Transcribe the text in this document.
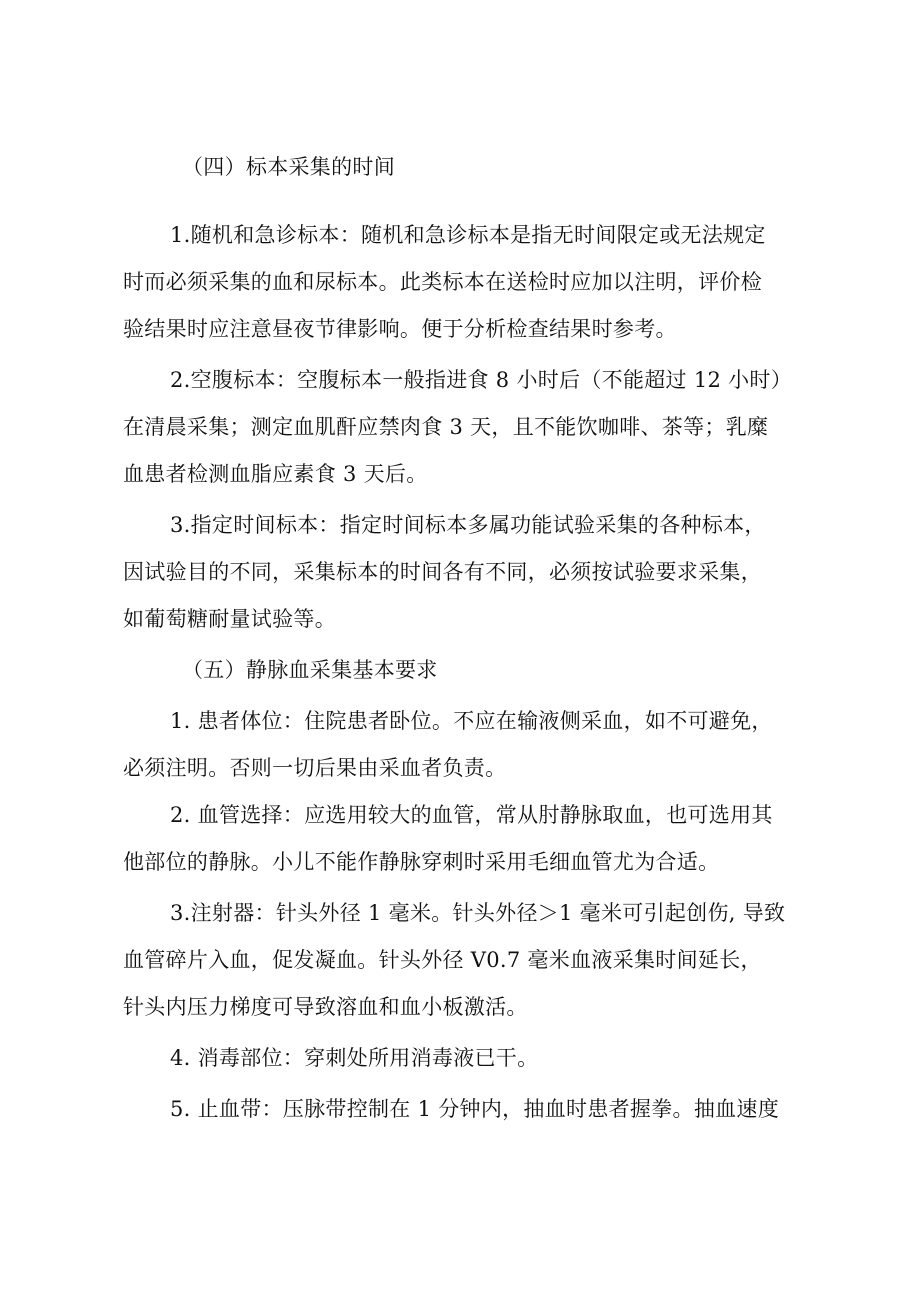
（四）标本采集的时间
1.随机和急诊标本：随机和急诊标本是指无时间限定或无法规定
时而必须采集的血和尿标本。此类标本在送检时应加以注明，评价检
验结果时应注意昼夜节律影响。便于分析检查结果时参考。
2.空腹标本：空腹标本一般指进食 8 小时后（不能超过 12 小时）
在清晨采集；测定血肌酐应禁肉食 3 天，且不能饮咖啡、茶等；乳糜
血患者检测血脂应素食 3 天后。
3.指定时间标本：指定时间标本多属功能试验采集的各种标本，
因试验目的不同，采集标本的时间各有不同，必须按试验要求采集，
如葡萄糖耐量试验等。
（五）静脉血采集基本要求
1. 患者体位：住院患者卧位。不应在输液侧采血，如不可避免，
必须注明。否则一切后果由采血者负责。
2. 血管选择：应选用较大的血管，常从肘静脉取血，也可选用其
他部位的静脉。小儿不能作静脉穿刺时采用毛细血管尤为合适。
3.注射器：针头外径 1 毫米。针头外径＞1 毫米可引起创伤, 导致
血管碎片入血，促发凝血。针头外径 V0.7 毫米血液采集时间延长，
针头内压力梯度可导致溶血和血小板激活。
4. 消毒部位：穿刺处所用消毒液已干。
5. 止血带：压脉带控制在 1 分钟内，抽血时患者握拳。抽血速度
